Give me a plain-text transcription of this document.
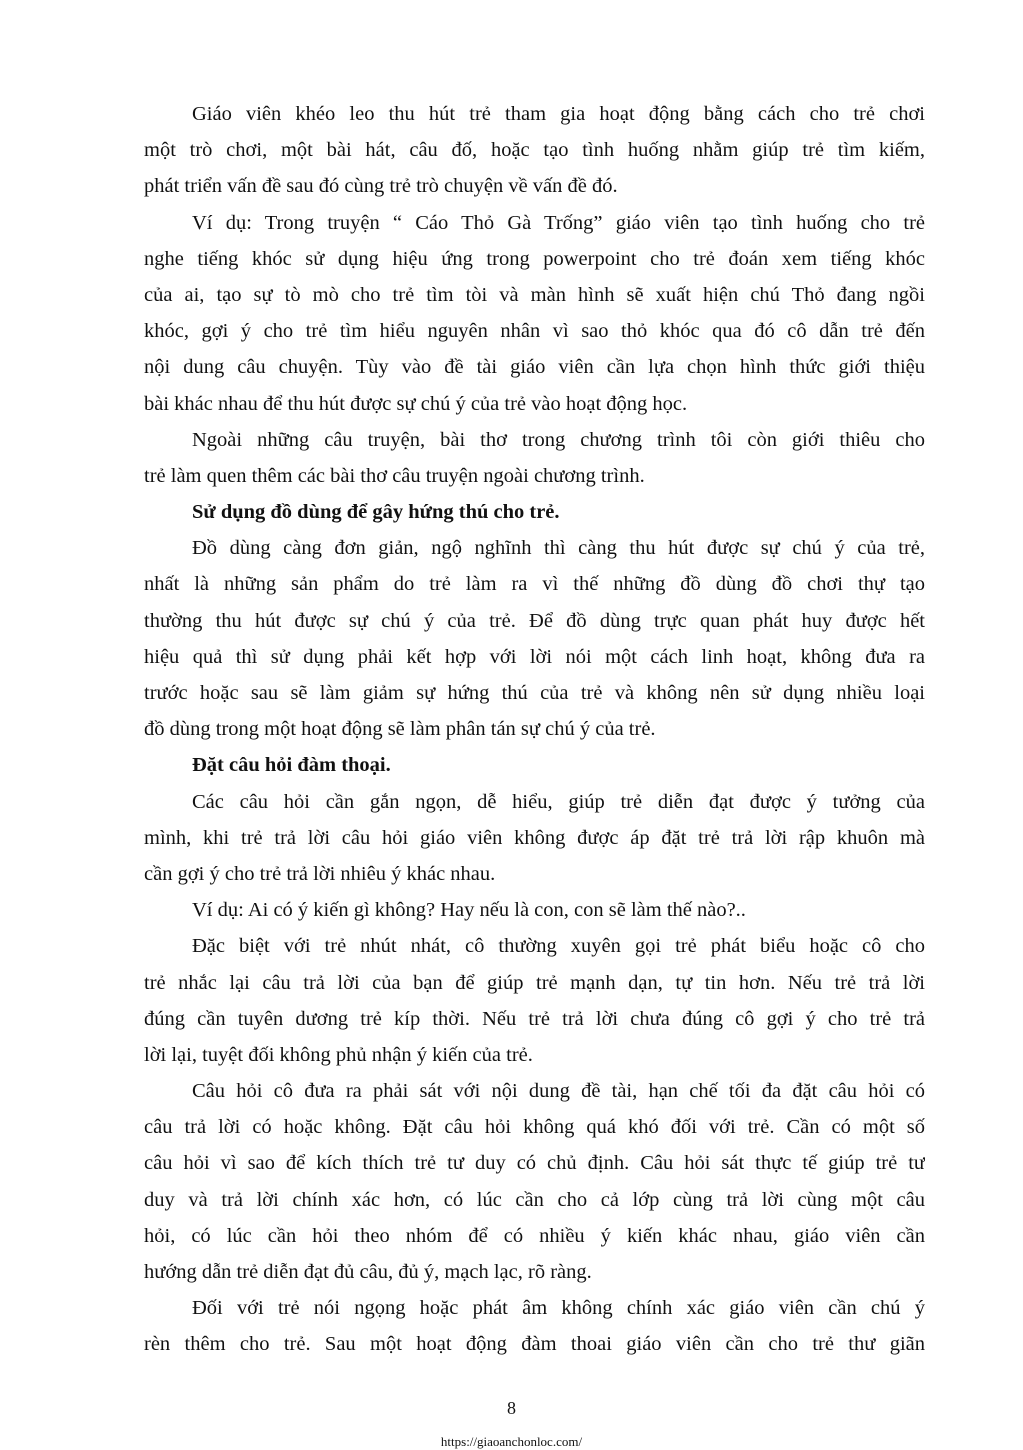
Giáo viên khéo leo thu hút trẻ tham gia hoạt động bằng cách cho trẻ chơi
một trò chơi, một bài hát, câu đố, hoặc tạo tình huống nhằm giúp trẻ tìm kiếm,
phát triển vấn đề sau đó cùng trẻ trò chuyện về vấn đề đó.
Ví dụ: Trong truyện “ Cáo Thỏ Gà Trống” giáo viên tạo tình huống cho trẻ
nghe tiếng khóc sử dụng hiệu ứng trong powerpoint cho trẻ đoán xem tiếng khóc
của ai, tạo sự tò mò cho trẻ tìm tòi và màn hình sẽ xuất hiện chú Thỏ đang ngồi
khóc, gợi ý cho trẻ tìm hiểu nguyên nhân vì sao thỏ khóc qua đó cô dẫn trẻ đến
nội dung câu chuyện. Tùy vào đề tài giáo viên cần lựa chọn hình thức giới thiệu
bài khác nhau để thu hút được sự chú ý của trẻ vào hoạt động học.
Ngoài những câu truyện, bài thơ trong chương trình tôi còn giới thiêu cho
trẻ làm quen thêm các bài thơ câu truyện ngoài chương trình.
Sử dụng đồ dùng để gây hứng thú cho trẻ.
Đồ dùng càng đơn giản, ngộ nghĩnh thì càng thu hút được sự chú ý của trẻ,
nhất là những sản phẩm do trẻ làm ra vì thế những đồ dùng đồ chơi thự tạo
thường thu hút được sự chú ý của trẻ. Để đồ dùng trực quan phát huy được hết
hiệu quả thì sử dụng phải kết hợp với lời nói một cách linh hoạt, không đưa ra
trước hoặc sau sẽ làm giảm sự hứng thú của trẻ và không nên sử dụng nhiều loại
đồ dùng trong một hoạt động sẽ làm phân tán sự chú ý của trẻ.
Đặt câu hỏi đàm thoại.
Các câu hỏi cần gắn ngọn, dễ hiểu, giúp trẻ diễn đạt được ý tưởng của
mình, khi trẻ trả lời câu hỏi giáo viên không được áp đặt trẻ trả lời rập khuôn mà
cần gợi ý cho trẻ trả lời nhiêu ý khác nhau.
Ví dụ: Ai có ý kiến gì không? Hay nếu là con, con sẽ làm thế nào?..
Đặc biệt với trẻ nhút nhát, cô thường xuyên gọi trẻ phát biểu hoặc cô cho
trẻ nhắc lại câu trả lời của bạn để giúp trẻ mạnh dạn, tự tin hơn. Nếu trẻ trả lời
đúng cần tuyên dương trẻ kíp thời. Nếu trẻ trả lời chưa đúng cô gợi ý cho trẻ trả
lời lại, tuyệt đối không phủ nhận ý kiến của trẻ.
Câu hỏi cô đưa ra phải sát với nội dung đề tài, hạn chế tối đa đặt câu hỏi có
câu trả lời có hoặc không. Đặt câu hỏi không quá khó đối với trẻ. Cần có một số
câu hỏi vì sao để kích thích trẻ tư duy có chủ định. Câu hỏi sát thực tế giúp trẻ tư
duy và trả lời chính xác hơn, có lúc cần cho cả lớp cùng trả lời cùng một câu
hỏi, có lúc cần hỏi theo nhóm để có nhiều ý kiến khác nhau, giáo viên cần
hướng dẫn trẻ diễn đạt đủ câu, đủ ý, mạch lạc, rõ ràng.
Đối với trẻ nói ngọng hoặc phát âm không chính xác giáo viên cần chú ý
rèn thêm cho trẻ. Sau một hoạt động đàm thoai giáo viên cần cho trẻ thư giãn
8
https://giaoanchonloc.com/
